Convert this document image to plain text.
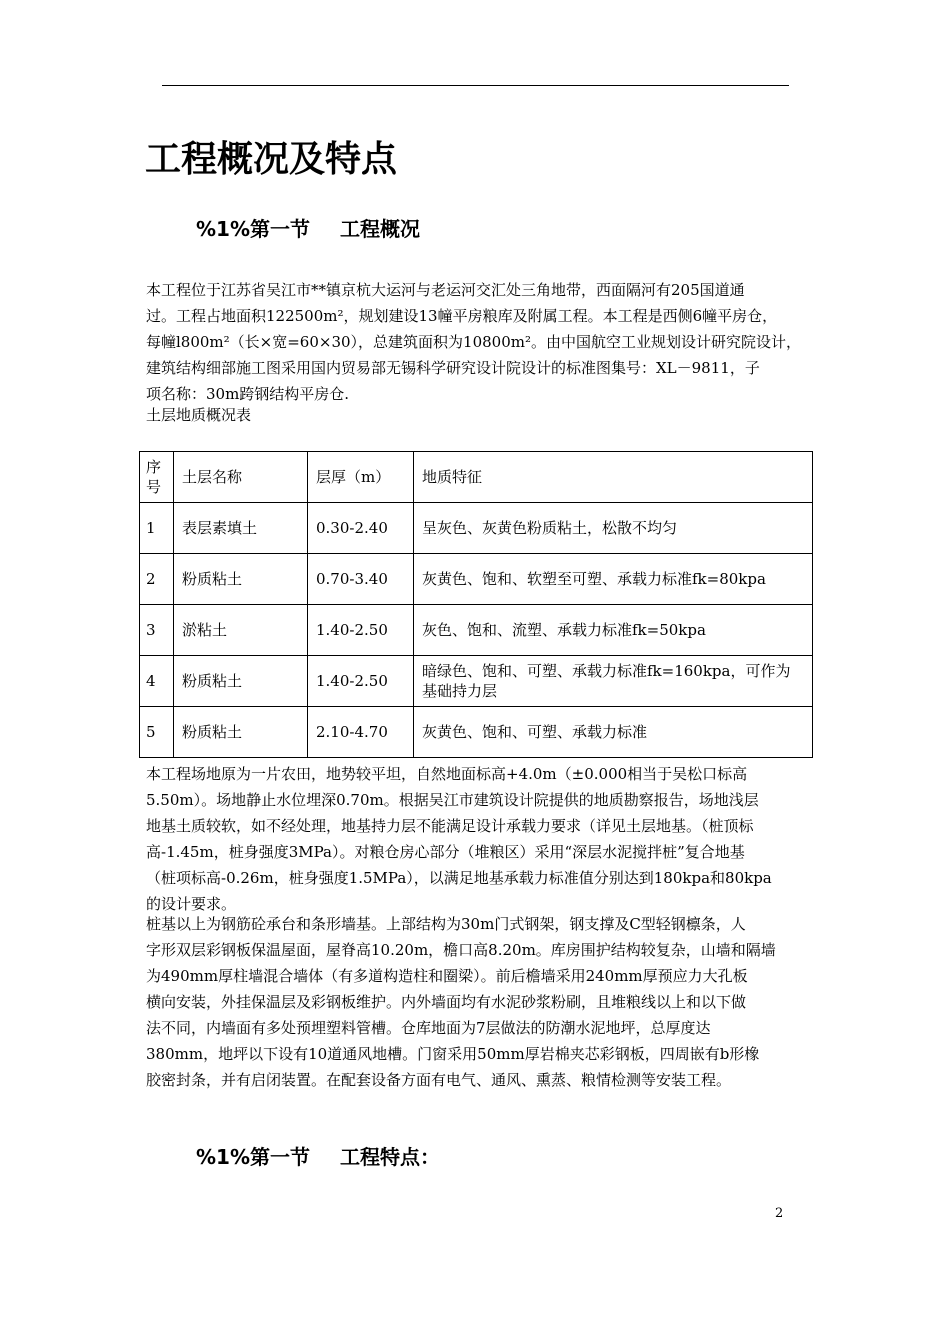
工程概况及特点
%1%第一节 工程概况
本工程位于江苏省吴江市**镇京杭大运河与老运河交汇处三角地带，西面隔河有205国道通
过。工程占地面积122500m²，规划建设13幢平房粮库及附属工程。本工程是西侧6幢平房仓，
每幢l800m²（长×宽=60×30），总建筑面积为10800m²。由中国航空工业规划设计研究院设计，
建筑结构细部施工图采用国内贸易部无锡科学研究设计院设计的标准图集号：XL－9811，子
项名称：30m跨钢结构平房仓.
土层地质概况表
序号	土层名称	层厚（m）	地质特征
1	表层素填土	0.30-2.40	呈灰色、灰黄色粉质粘土，松散不均匀
2	粉质粘土	0.70-3.40	灰黄色、饱和、软塑至可塑、承载力标准fk=80kpa
3	淤粘土	1.40-2.50	灰色、饱和、流塑、承载力标准fk=50kpa
4	粉质粘土	1.40-2.50	暗绿色、饱和、可塑、承载力标准fk=160kpa，可作为基础持力层
5	粉质粘土	2.10-4.70	灰黄色、饱和、可塑、承载力标准
本工程场地原为一片农田，地势较平坦，自然地面标高+4.0m（±0.000相当于吴松口标高
5.50m）。场地静止水位埋深0.70m。根据吴江市建筑设计院提供的地质勘察报告，场地浅层
地基土质较软，如不经处理，地基持力层不能满足设计承载力要求（详见土层地基。（桩顶标
高-1.45m，桩身强度3MPa）。对粮仓房心部分（堆粮区）采用“深层水泥搅拌桩”复合地基
（桩项标高-0.26m，桩身强度1.5MPa），以满足地基承载力标准值分别达到180kpa和80kpa
的设计要求。
桩基以上为钢筋砼承台和条形墙基。上部结构为30m门式钢架，钢支撑及C型轻钢檩条，人
字形双层彩钢板保温屋面，屋脊高10.20m，檐口高8.20m。库房围护结构较复杂，山墙和隔墙
为490mm厚柱墙混合墙体（有多道构造柱和圈梁）。前后檐墙采用240mm厚预应力大孔板
横向安装，外挂保温层及彩钢板维护。内外墙面均有水泥砂浆粉刷，且堆粮线以上和以下做
法不同，内墙面有多处预埋塑料管槽。仓库地面为7层做法的防潮水泥地坪，总厚度达
380mm，地坪以下设有10道通风地槽。门窗采用50mm厚岩棉夹芯彩钢板，四周嵌有b形橡
胶密封条，并有启闭装置。在配套设备方面有电气、通风、熏蒸、粮情检测等安装工程。
%1%第一节 工程特点：
2
